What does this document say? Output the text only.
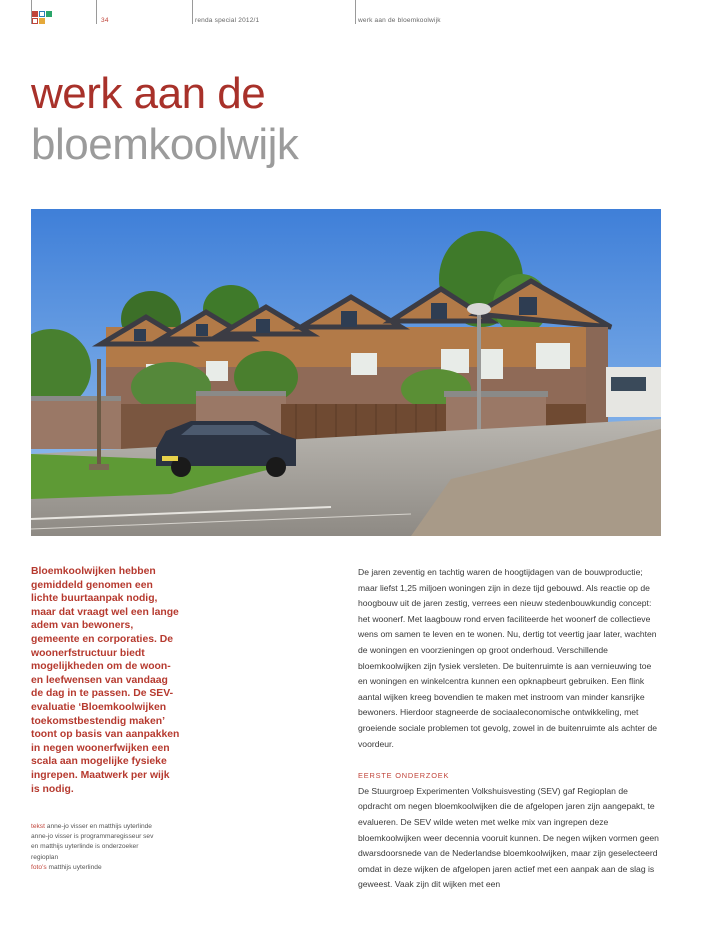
34	renda special 2012/1	werk aan de bloemkoolwijk
werk aan de
bloemkoolwijk
Bloemkoolwijken hebben gemiddeld genomen een lichte buurtaanpak nodig, maar dat vraagt wel een lange adem van bewoners, gemeente en corporaties. De woonerfstructuur biedt mogelijkheden om de woon- en leefwensen van vandaag de dag in te passen. De SEV-evaluatie ‘Bloemkoolwijken toekomstbestendig maken’ toont op basis van aanpakken in negen woonerfwijken een scala aan mogelijke fysieke ingrepen. Maatwerk per wijk is nodig.
tekst anne-jo visser en matthijs uyterlinde
anne-jo visser is programmaregisseur sev
en matthijs uyterlinde is onderzoeker
regioplan
foto’s matthijs uyterlinde

De jaren zeventig en tachtig waren de hoogtijdagen van de bouwproductie; maar liefst 1,25 miljoen woningen zijn in deze tijd gebouwd. Als reactie op de hoogbouw uit de jaren zestig, verrees een nieuw stedenbouwkundig concept: het woonerf. Met laagbouw rond erven faciliteerde het woonerf de collectieve wens om samen te leven en te wonen. Nu, dertig tot veertig jaar later, wachten de woningen en voorzieningen op groot onderhoud. Verschillende bloemkoolwijken zijn fysiek versleten. De buitenruimte is aan vernieuwing toe en woningen en winkelcentra kunnen een opknapbeurt gebruiken. Een flink aantal wijken kreeg bovendien te maken met instroom van minder kansrijke bewoners. Hierdoor stagneerde de sociaaleconomische ontwikkeling, met groeiende sociale problemen tot gevolg, zowel in de buitenruimte als achter de voordeur.

EERSTE ONDERZOEK

De Stuurgroep Experimenten Volkshuisvesting (SEV) gaf Regioplan de opdracht om negen bloemkoolwijken die de afgelopen jaren zijn aangepakt, te evalueren. De SEV wilde weten met welke mix van ingrepen deze bloemkoolwijken weer decennia vooruit kunnen. De negen wijken vormen geen dwarsdoorsnede van de Nederlandse bloemkoolwijken, maar zijn geselecteerd omdat in deze wijken de afgelopen jaren actief met een aanpak aan de slag is geweest. Vaak zijn dit wijken met een
